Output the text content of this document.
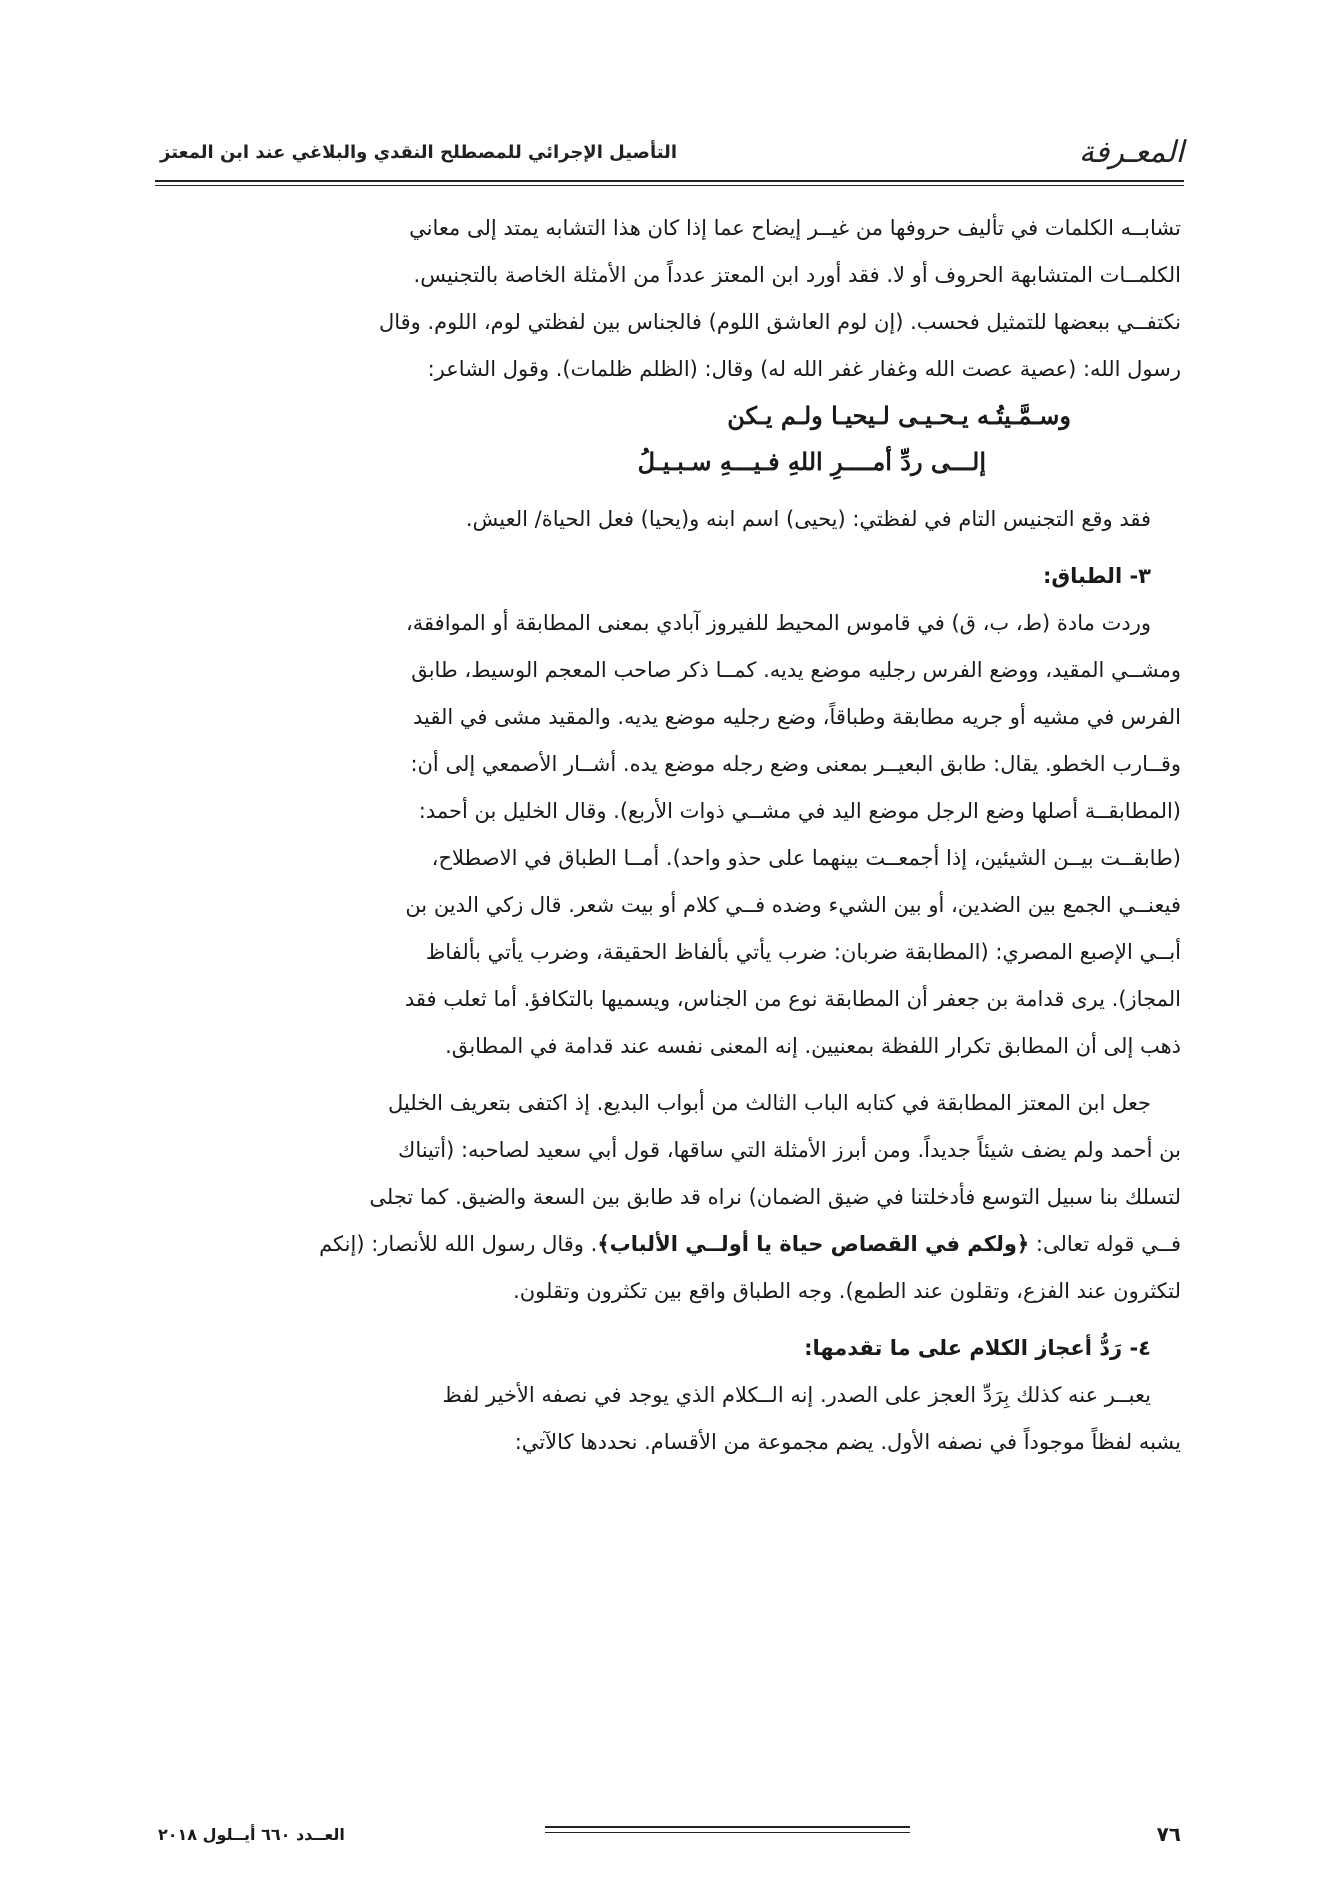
المعـرفة
التأصيل الإجرائي للمصطلح النقدي والبلاغي عند ابن المعتز

تشابــه الكلمات في تأليف حروفها من غيــر إيضاح عما إذا كان هذا التشابه يمتد إلى معاني

الكلمــات المتشابهة الحروف أو لا. فقد أورد ابن المعتز عدداً من الأمثلة الخاصة بالتجنيس.

نكتفــي ببعضها للتمثيل فحسب. (إن لوم العاشق اللوم) فالجناس بين لفظتي لوم، اللوم. وقال

رسول الله: (عصية عصت الله وغفار غفر الله له) وقال: (الظلم ظلمات). وقول الشاعر:

وسـمَّـيتُـه يـحـيـى لـيحيـا ولـم يـكن

إلـــى ردِّ أمــــرِ اللهِ فـيـــهِ سـبـيـلُ

فقد وقع التجنيس التام في لفظتي: (يحيى) اسم ابنه و(يحيا) فعل الحياة/ العيش.

٣- الطباق:

وردت مادة (ط، ب، ق) في قاموس المحيط للفيروز آبادي بمعنى المطابقة أو الموافقة،

ومشــي المقيد، ووضع الفرس رجليه موضع يديه. كمــا ذكر صاحب المعجم الوسيط، طابق

الفرس في مشيه أو جريه مطابقة وطباقاً، وضع رجليه موضع يديه. والمقيد مشى في القيد

وقــارب الخطو. يقال: طابق البعيــر بمعنى وضع رجله موضع يده. أشــار الأصمعي إلى أن:

(المطابقــة أصلها وضع الرجل موضع اليد في مشــي ذوات الأربع). وقال الخليل بن أحمد:

(طابقــت بيــن الشيئين، إذا أجمعــت بينهما على حذو واحد). أمــا الطباق في الاصطلاح،

فيعنــي الجمع بين الضدين، أو بين الشيء وضده فــي كلام أو بيت شعر. قال زكي الدين بن

أبــي الإصبع المصري: (المطابقة ضربان: ضرب يأتي بألفاظ الحقيقة، وضرب يأتي بألفاظ

المجاز). يرى قدامة بن جعفر أن المطابقة نوع من الجناس، ويسميها بالتكافؤ. أما ثعلب فقد

ذهب إلى أن المطابق تكرار اللفظة بمعنيين. إنه المعنى نفسه عند قدامة في المطابق.

جعل ابن المعتز المطابقة في كتابه الباب الثالث من أبواب البديع. إذ اكتفى بتعريف الخليل

بن أحمد ولم يضف شيئاً جديداً. ومن أبرز الأمثلة التي ساقها، قول أبي سعيد لصاحبه: (أتيناك

لتسلك بنا سبيل التوسع فأدخلتنا في ضيق الضمان) نراه قد طابق بين السعة والضيق. كما تجلى

فــي قوله تعالى: ﴿ولكم في القصاص حياة يا أولــي الألباب﴾. وقال رسول الله للأنصار: (إنكم

لتكثرون عند الفزع، وتقلون عند الطمع). وجه الطباق واقع بين تكثرون وتقلون.

٤- رَدُّ أعجاز الكلام على ما تقدمها:

يعبــر عنه كذلك بِرَدِّ العجز على الصدر. إنه الــكلام الذي يوجد في نصفه الأخير لفظ

يشبه لفظاً موجوداً في نصفه الأول. يضم مجموعة من الأقسام. نحددها كالآتي:

٧٦
العــدد ٦٦٠ أيــلول ٢٠١٨
